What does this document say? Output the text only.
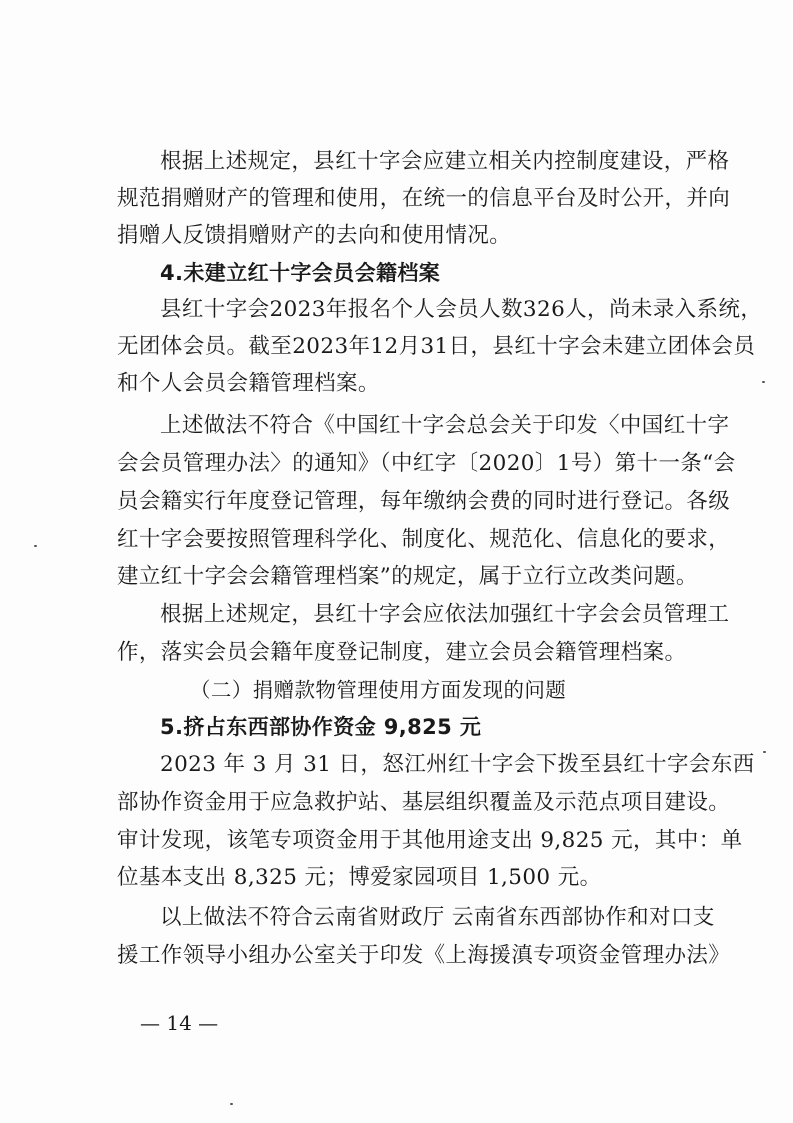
根据上述规定，县红十字会应建立相关内控制度建设，严格
规范捐赠财产的管理和使用，在统一的信息平台及时公开，并向
捐赠人反馈捐赠财产的去向和使用情况。
4.未建立红十字会员会籍档案
县红十字会2023年报名个人会员人数326人，尚未录入系统，
无团体会员。截至2023年12月31日，县红十字会未建立团体会员
和个人会员会籍管理档案。
上述做法不符合《中国红十字会总会关于印发〈中国红十字
会会员管理办法〉的通知》（中红字〔2020〕1号）第十一条“会
员会籍实行年度登记管理，每年缴纳会费的同时进行登记。各级
红十字会要按照管理科学化、制度化、规范化、信息化的要求，
建立红十字会会籍管理档案”的规定，属于立行立改类问题。
根据上述规定，县红十字会应依法加强红十字会会员管理工
作，落实会员会籍年度登记制度，建立会员会籍管理档案。
（二）捐赠款物管理使用方面发现的问题
5.挤占东西部协作资金 9,825 元
2023 年 3 月 31 日，怒江州红十字会下拨至县红十字会东西
部协作资金用于应急救护站、基层组织覆盖及示范点项目建设。
审计发现，该笔专项资金用于其他用途支出 9,825 元，其中：单
位基本支出 8,325 元；博爱家园项目 1,500 元。
以上做法不符合云南省财政厅 云南省东西部协作和对口支
援工作领导小组办公室关于印发《上海援滇专项资金管理办法》
— 14 —
